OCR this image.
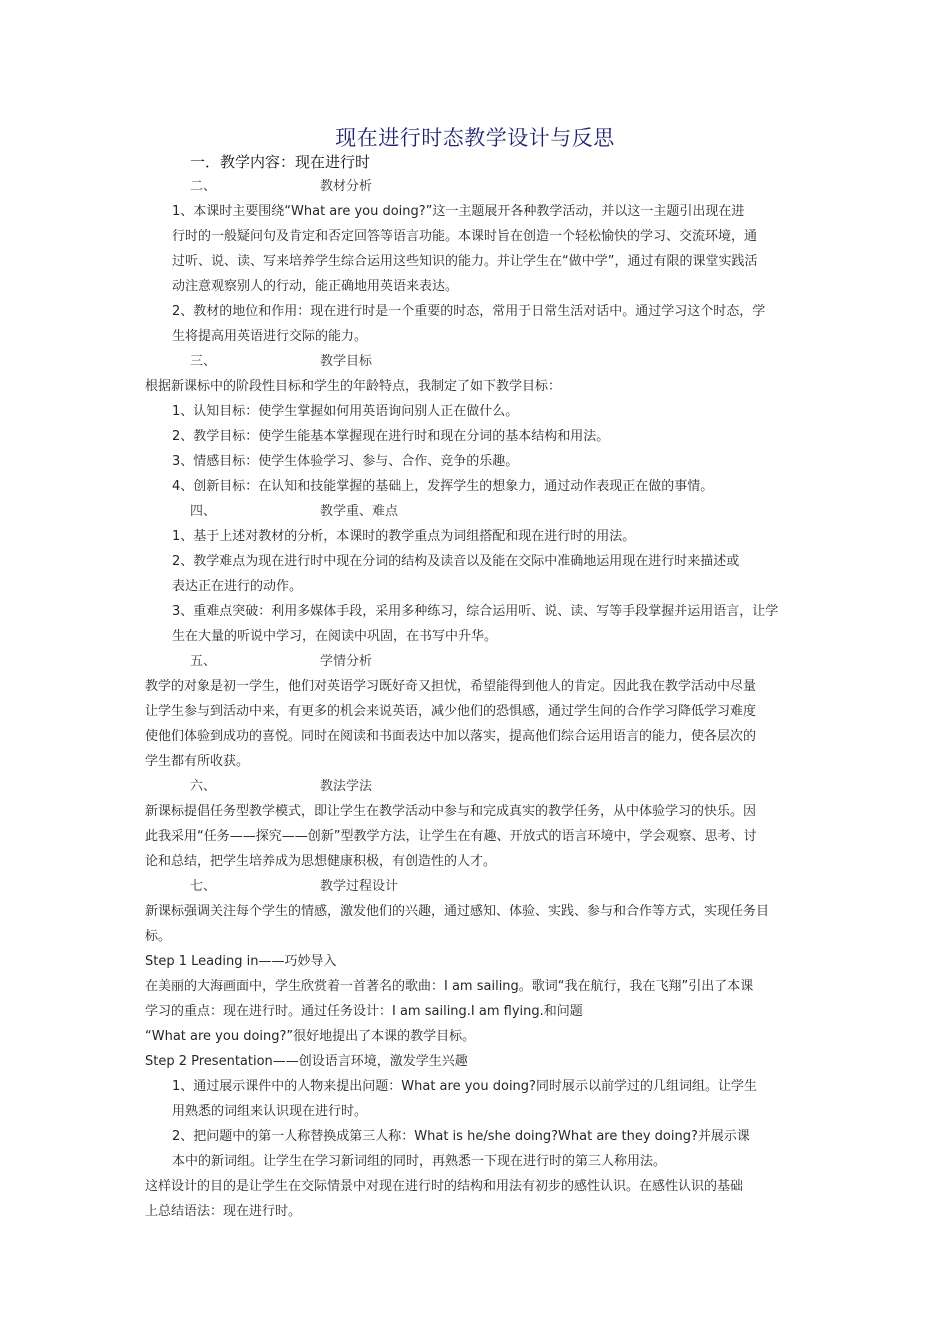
现在进行时态教学设计与反思
一．教学内容：现在进行时
二、	教材分析
1、本课时主要围绕“What are you doing?”这一主题展开各种教学活动，并以这一主题引出现在进
行时的一般疑问句及肯定和否定回答等语言功能。本课时旨在创造一个轻松愉快的学习、交流环境，通
过听、说、读、写来培养学生综合运用这些知识的能力。并让学生在“做中学”，通过有限的课堂实践活
动注意观察别人的行动，能正确地用英语来表达。
2、教材的地位和作用：现在进行时是一个重要的时态，常用于日常生活对话中。通过学习这个时态，学
生将提高用英语进行交际的能力。
三、	教学目标
根据新课标中的阶段性目标和学生的年龄特点，我制定了如下教学目标：
1、认知目标：使学生掌握如何用英语询问别人正在做什么。
2、教学目标：使学生能基本掌握现在进行时和现在分词的基本结构和用法。
3、情感目标：使学生体验学习、参与、合作、竞争的乐趣。
4、创新目标：在认知和技能掌握的基础上，发挥学生的想象力，通过动作表现正在做的事情。
四、	教学重、难点
1、基于上述对教材的分析，本课时的教学重点为词组搭配和现在进行时的用法。
2、教学难点为现在进行时中现在分词的结构及读音以及能在交际中准确地运用现在进行时来描述或
表达正在进行的动作。
3、重难点突破：利用多媒体手段，采用多种练习，综合运用听、说、读、写等手段掌握并运用语言，让学
生在大量的听说中学习，在阅读中巩固，在书写中升华。
五、	学情分析
教学的对象是初一学生，他们对英语学习既好奇又担忧，希望能得到他人的肯定。因此我在教学活动中尽量
让学生参与到活动中来，有更多的机会来说英语，减少他们的恐惧感，通过学生间的合作学习降低学习难度
使他们体验到成功的喜悦。同时在阅读和书面表达中加以落实，提高他们综合运用语言的能力，使各层次的
学生都有所收获。
六、	教法学法
新课标提倡任务型教学模式，即让学生在教学活动中参与和完成真实的教学任务，从中体验学习的快乐。因
此我采用“任务——探究——创新”型教学方法，让学生在有趣、开放式的语言环境中，学会观察、思考、讨
论和总结，把学生培养成为思想健康积极，有创造性的人才。
七、	教学过程设计
新课标强调关注每个学生的情感，激发他们的兴趣，通过感知、体验、实践、参与和合作等方式，实现任务目
标。
Step 1 Leading in——巧妙导入
在美丽的大海画面中，学生欣赏着一首著名的歌曲：I am sailing。歌词“我在航行，我在飞翔”引出了本课
学习的重点：现在进行时。通过任务设计：I am sailing.I am flying.和问题
“What are you doing?”很好地提出了本课的教学目标。
Step 2 Presentation——创设语言环境，激发学生兴趣
1、通过展示课件中的人物来提出问题：What are you doing?同时展示以前学过的几组词组。让学生
用熟悉的词组来认识现在进行时。
2、把问题中的第一人称替换成第三人称：What is he/she doing?What are they doing?并展示课
本中的新词组。让学生在学习新词组的同时，再熟悉一下现在进行时的第三人称用法。
这样设计的目的是让学生在交际情景中对现在进行时的结构和用法有初步的感性认识。在感性认识的基础
上总结语法：现在进行时。
